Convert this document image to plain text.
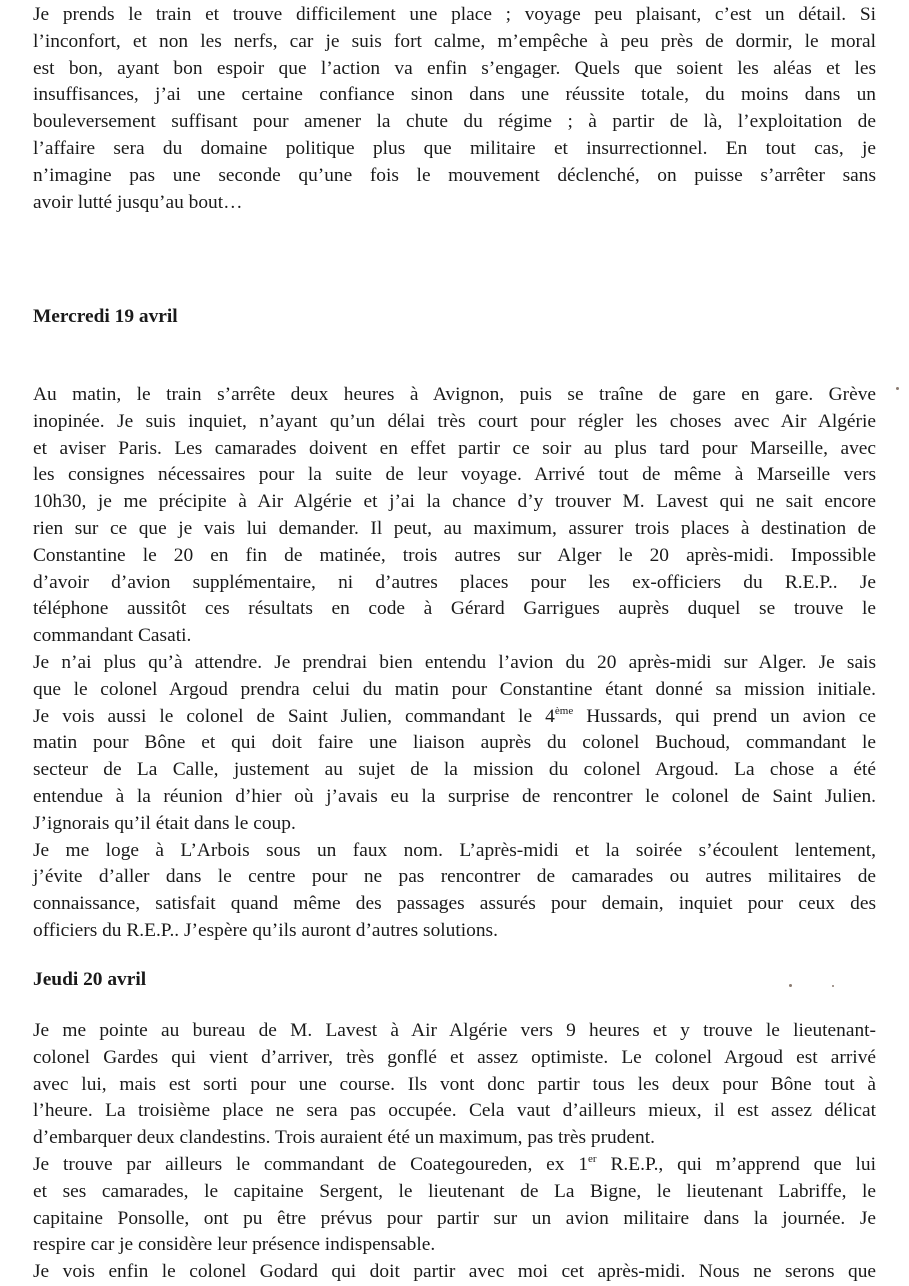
Je prends le train et trouve difficilement une place ; voyage peu plaisant, c’est un détail. Si
l’inconfort, et non les nerfs, car je suis fort calme, m’empêche à peu près de dormir, le moral
est bon, ayant bon espoir que l’action va enfin s’engager. Quels que soient les aléas et les
insuffisances, j’ai une certaine confiance sinon dans une réussite totale, du moins dans un
bouleversement suffisant pour amener la chute du régime ; à partir de là, l’exploitation de
l’affaire sera du domaine politique plus que militaire et insurrectionnel. En tout cas, je
n’imagine pas une seconde qu’une fois le mouvement déclenché, on puisse s’arrêter sans
avoir lutté jusqu’au bout…
Mercredi 19 avril
Au matin, le train s’arrête deux heures à Avignon, puis se traîne de gare en gare. Grève
inopinée. Je suis inquiet, n’ayant qu’un délai très court pour régler les choses avec Air Algérie
et aviser Paris. Les camarades doivent en effet partir ce soir au plus tard pour Marseille, avec
les consignes nécessaires pour la suite de leur voyage. Arrivé tout de même à Marseille vers
10h30, je me précipite à Air Algérie et j’ai la chance d’y trouver M. Lavest qui ne sait encore
rien sur ce que je vais lui demander. Il peut, au maximum, assurer trois places à destination de
Constantine le 20 en fin de matinée, trois autres sur Alger le 20 après-midi. Impossible
d’avoir d’avion supplémentaire, ni d’autres places pour les ex-officiers du R.E.P.. Je
téléphone aussitôt ces résultats en code à Gérard Garrigues auprès duquel se trouve le
commandant Casati.
Je n’ai plus qu’à attendre. Je prendrai bien entendu l’avion du 20 après-midi sur Alger. Je sais
que le colonel Argoud prendra celui du matin pour Constantine étant donné sa mission initiale.
Je vois aussi le colonel de Saint Julien, commandant le 4ème Hussards, qui prend un avion ce
matin pour Bône et qui doit faire une liaison auprès du colonel Buchoud, commandant le
secteur de La Calle, justement au sujet de la mission du colonel Argoud. La chose a été
entendue à la réunion d’hier où j’avais eu la surprise de rencontrer le colonel de Saint Julien.
J’ignorais qu’il était dans le coup.
Je me loge à L’Arbois sous un faux nom. L’après-midi et la soirée s’écoulent lentement,
j’évite d’aller dans le centre pour ne pas rencontrer de camarades ou autres militaires de
connaissance, satisfait quand même des passages assurés pour demain, inquiet pour ceux des
officiers du R.E.P.. J’espère qu’ils auront d’autres solutions.
Jeudi 20 avril
Je me pointe au bureau de M. Lavest à Air Algérie vers 9 heures et y trouve le lieutenant-
colonel Gardes qui vient d’arriver, très gonflé et assez optimiste. Le colonel Argoud est arrivé
avec lui, mais est sorti pour une course. Ils vont donc partir tous les deux pour Bône tout à
l’heure. La troisième place ne sera pas occupée. Cela vaut d’ailleurs mieux, il est assez délicat
d’embarquer deux clandestins. Trois auraient été un maximum, pas très prudent.
Je trouve par ailleurs le commandant de Coategoureden, ex 1er R.E.P., qui m’apprend que lui
et ses camarades, le capitaine Sergent, le lieutenant de La Bigne, le lieutenant Labriffe, le
capitaine Ponsolle, ont pu être prévus pour partir sur un avion militaire dans la journée. Je
respire car je considère leur présence indispensable.
Je vois enfin le colonel Godard qui doit partir avec moi cet après-midi. Nous ne serons que
